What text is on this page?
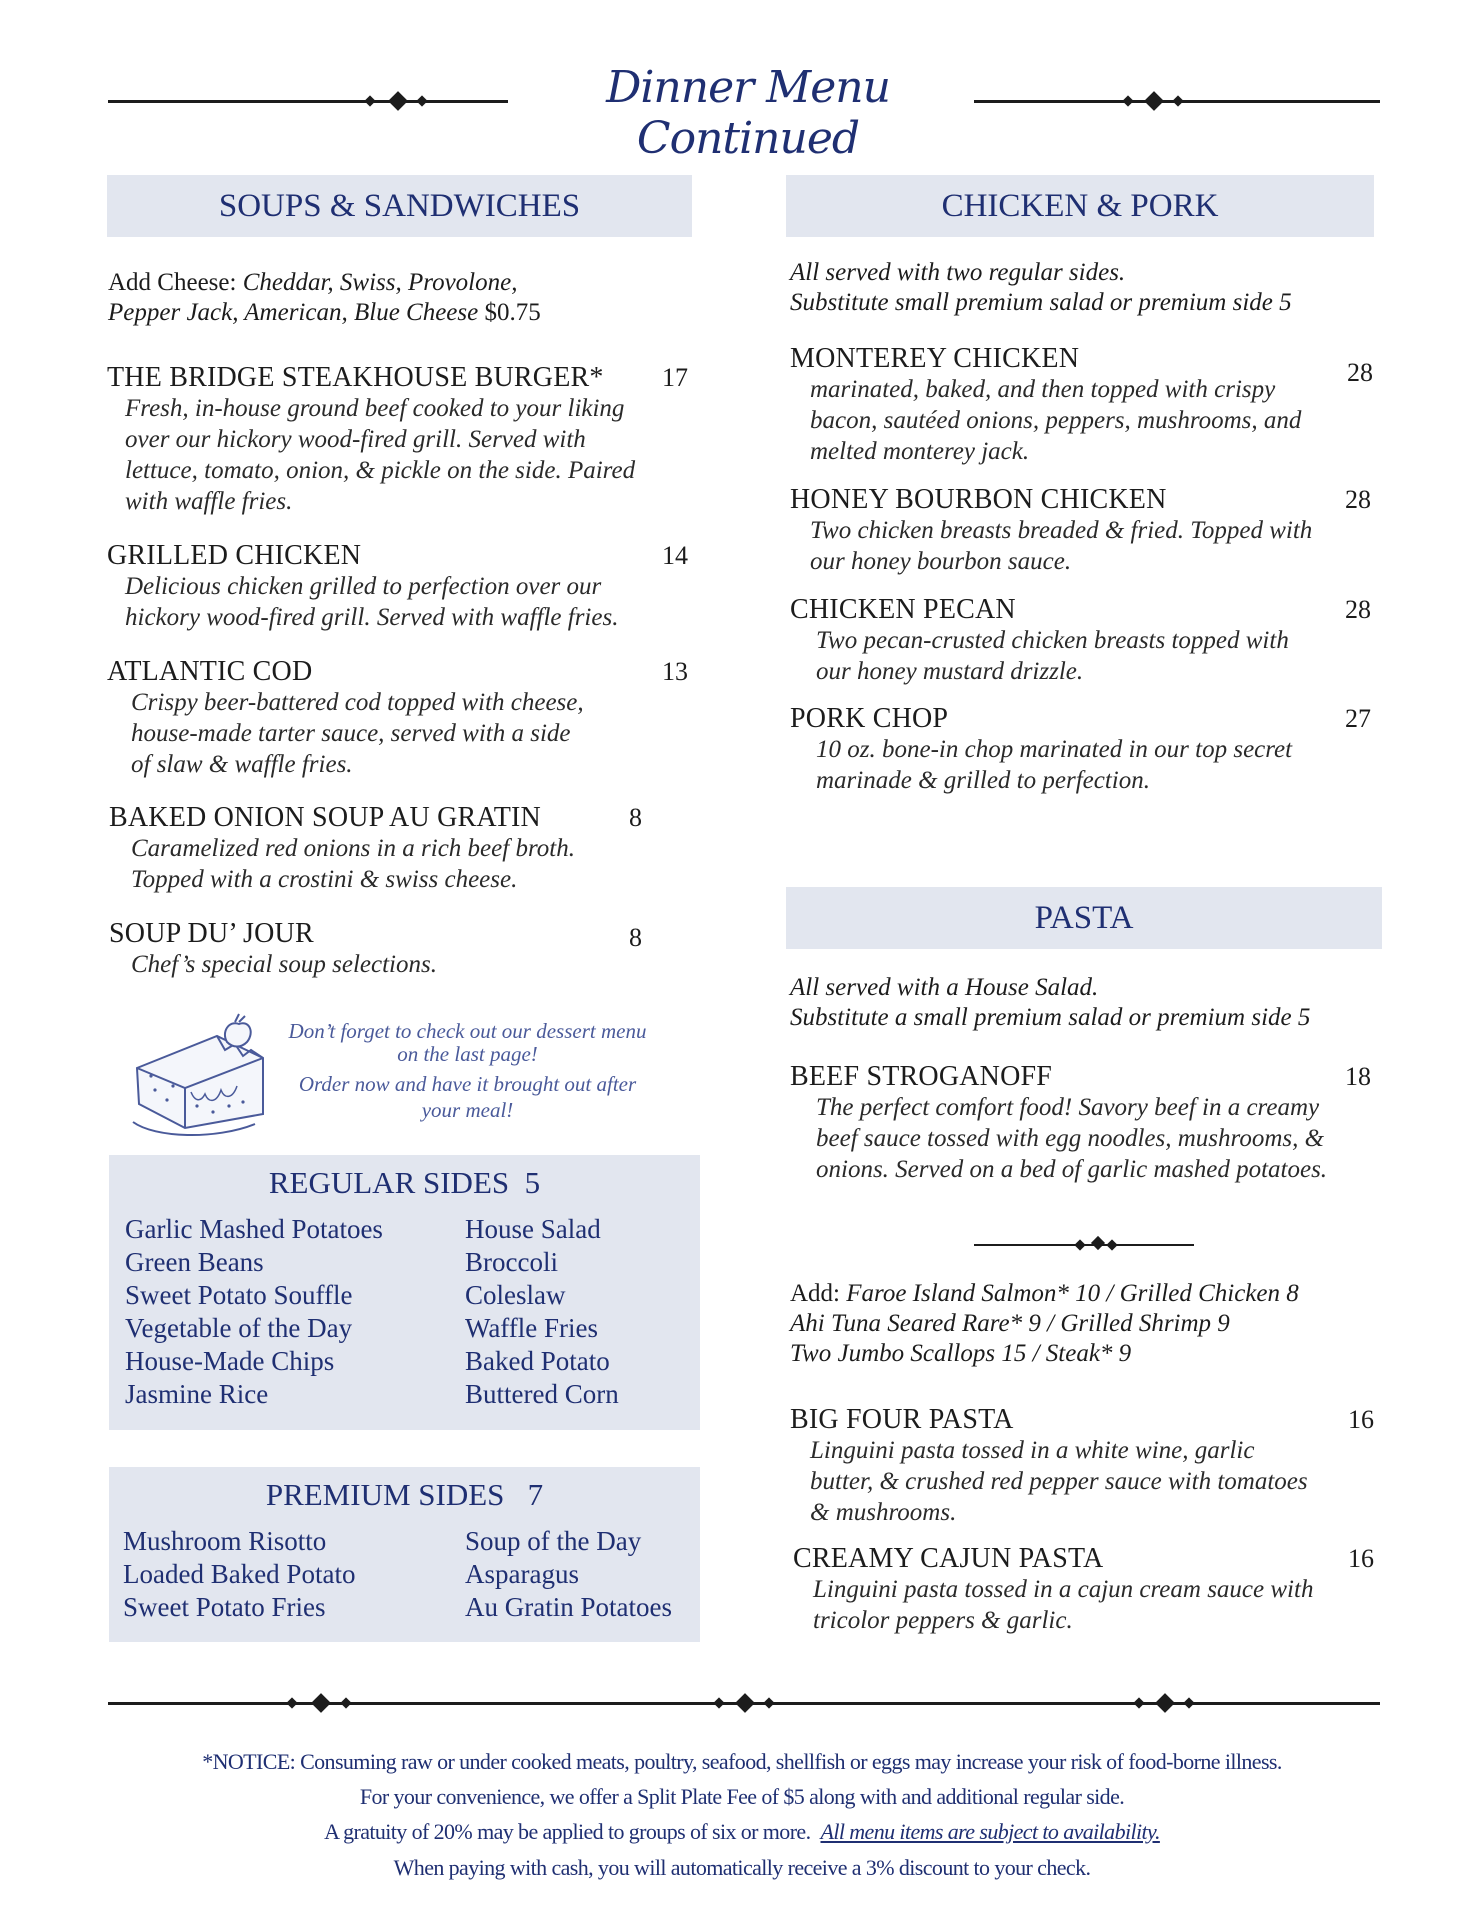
Dinner Menu Continued
SOUPS & SANDWICHES
Add Cheese: Cheddar, Swiss, Provolone,
Pepper Jack, American, Blue Cheese $0.75
THE BRIDGE STEAKHOUSE BURGER*	17
Fresh, in-house ground beef cooked to your liking
over our hickory wood-fired grill. Served with
lettuce, tomato, onion, & pickle on the side. Paired
with waffle fries.
GRILLED CHICKEN	14
Delicious chicken grilled to perfection over our
hickory wood-fired grill. Served with waffle fries.
ATLANTIC COD	13
Crispy beer-battered cod topped with cheese,
house-made tarter sauce, served with a side
of slaw & waffle fries.
BAKED ONION SOUP AU GRATIN	8
Caramelized red onions in a rich beef broth.
Topped with a crostini & swiss cheese.
SOUP DU’ JOUR	8
Chef’s special soup selections.
Don’t forget to check out our dessert menu
on the last page!
Order now and have it brought out after
your meal!
REGULAR SIDES 5
Garlic Mashed Potatoes
Green Beans
Sweet Potato Souffle
Vegetable of the Day
House-Made Chips
Jasmine Rice
House Salad
Broccoli
Coleslaw
Waffle Fries
Baked Potato
Buttered Corn
PREMIUM SIDES 7
Mushroom Risotto
Loaded Baked Potato
Sweet Potato Fries
Soup of the Day
Asparagus
Au Gratin Potatoes
CHICKEN & PORK
All served with two regular sides.
Substitute small premium salad or premium side 5
MONTEREY CHICKEN	28
marinated, baked, and then topped with crispy
bacon, sautéed onions, peppers, mushrooms, and
melted monterey jack.
HONEY BOURBON CHICKEN	28
Two chicken breasts breaded & fried. Topped with
our honey bourbon sauce.
CHICKEN PECAN	28
Two pecan-crusted chicken breasts topped with
our honey mustard drizzle.
PORK CHOP	27
10 oz. bone-in chop marinated in our top secret
marinade & grilled to perfection.
PASTA
All served with a House Salad.
Substitute a small premium salad or premium side 5
BEEF STROGANOFF	18
The perfect comfort food! Savory beef in a creamy
beef sauce tossed with egg noodles, mushrooms, &
onions. Served on a bed of garlic mashed potatoes.
Add: Faroe Island Salmon* 10 / Grilled Chicken 8
Ahi Tuna Seared Rare* 9 / Grilled Shrimp 9
Two Jumbo Scallops 15 / Steak* 9
BIG FOUR PASTA	16
Linguini pasta tossed in a white wine, garlic
butter, & crushed red pepper sauce with tomatoes
& mushrooms.
CREAMY CAJUN PASTA	16
Linguini pasta tossed in a cajun cream sauce with
tricolor peppers & garlic.
*NOTICE: Consuming raw or under cooked meats, poultry, seafood, shellfish or eggs may increase your risk of food-borne illness.
For your convenience, we offer a Split Plate Fee of $5 along with and additional regular side.
A gratuity of 20% may be applied to groups of six or more. All menu items are subject to availability.
When paying with cash, you will automatically receive a 3% discount to your check.
